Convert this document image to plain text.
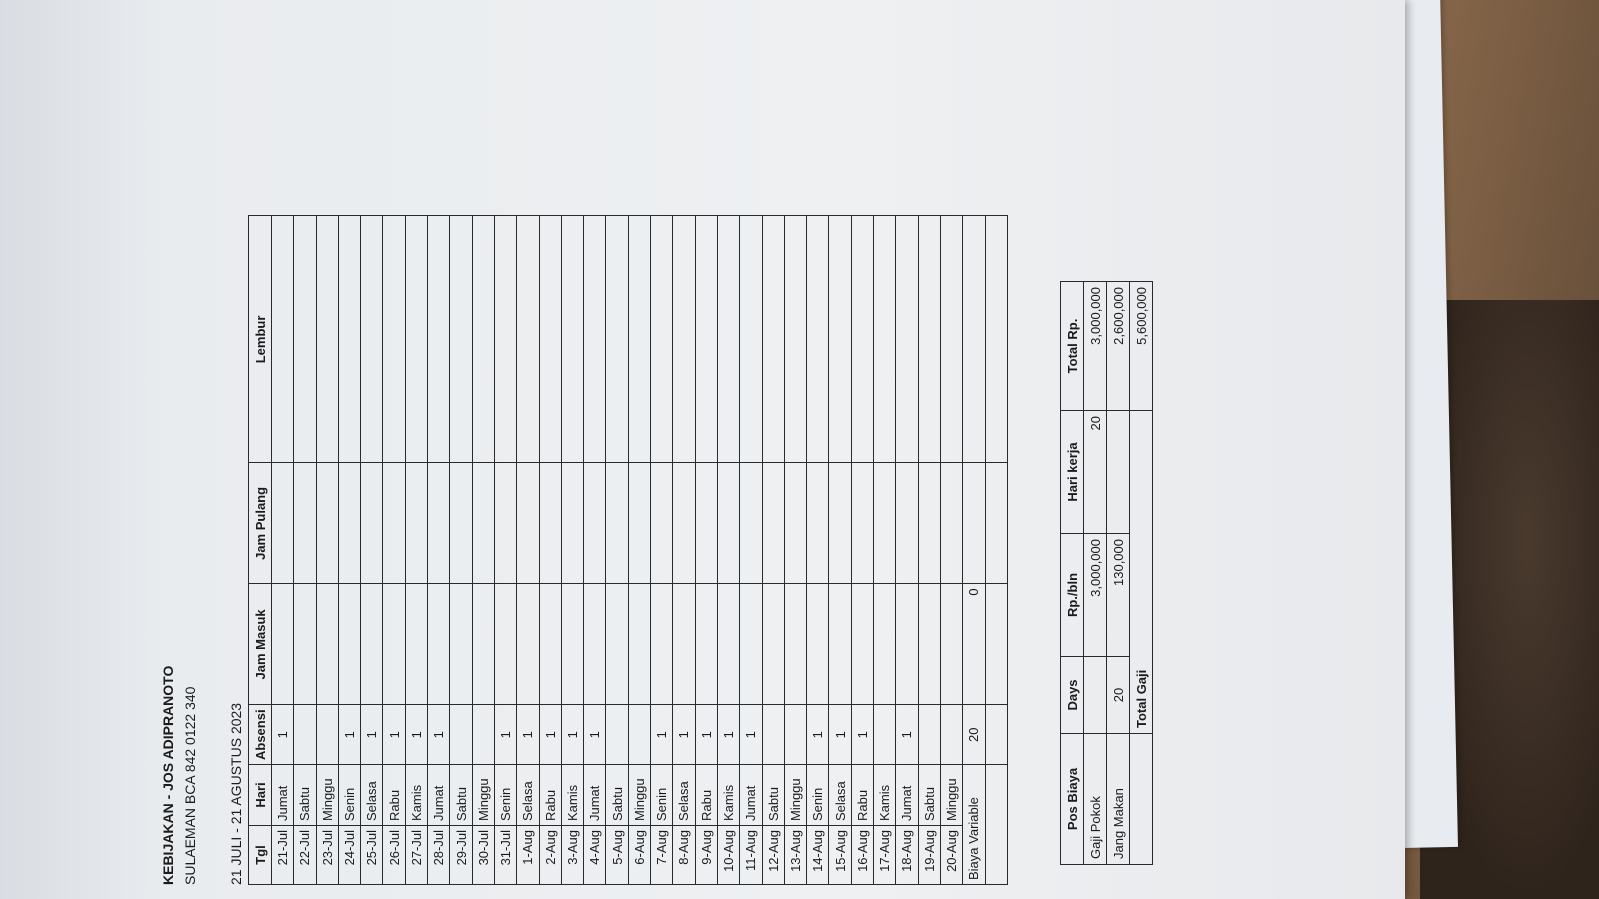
KEBIJAKAN - JOS ADIPRANOTO SULAEMAN BCA 842 0122 340 21 JULI - 21 AGUSTUS 2023 Tgl	Hari	Absensi	Jam Masuk	Jam Pulang	Lembur
21-Jul	Jumat	1			
22-Jul	Sabtu				
23-Jul	Minggu				
24-Jul	Senin	1			
25-Jul	Selasa	1			
26-Jul	Rabu	1			
27-Jul	Kamis	1			
28-Jul	Jumat	1			
29-Jul	Sabtu				
30-Jul	Minggu				
31-Jul	Senin	1			
1-Aug	Selasa	1			
2-Aug	Rabu	1			
3-Aug	Kamis	1			
4-Aug	Jumat	1			
5-Aug	Sabtu				
6-Aug	Minggu				
7-Aug	Senin	1			
8-Aug	Selasa	1			
9-Aug	Rabu	1			
10-Aug	Kamis	1			
11-Aug	Jumat	1			
12-Aug	Sabtu				
13-Aug	Minggu				
14-Aug	Senin	1			
15-Aug	Selasa	1			
16-Aug	Rabu	1			
17-Aug	Kamis				
18-Aug	Jumat	1			
19-Aug	Sabtu				
20-Aug	Minggu				
Biaya Variable		20	0		

Pos Biaya	Days	Rp./bln	Hari kerja	Total Rp.
Gaji Pokok		3,000,000	20	3,000,000
Jang Makan	20	130,000		2,600,000
	Total Gaji			5,600,000
